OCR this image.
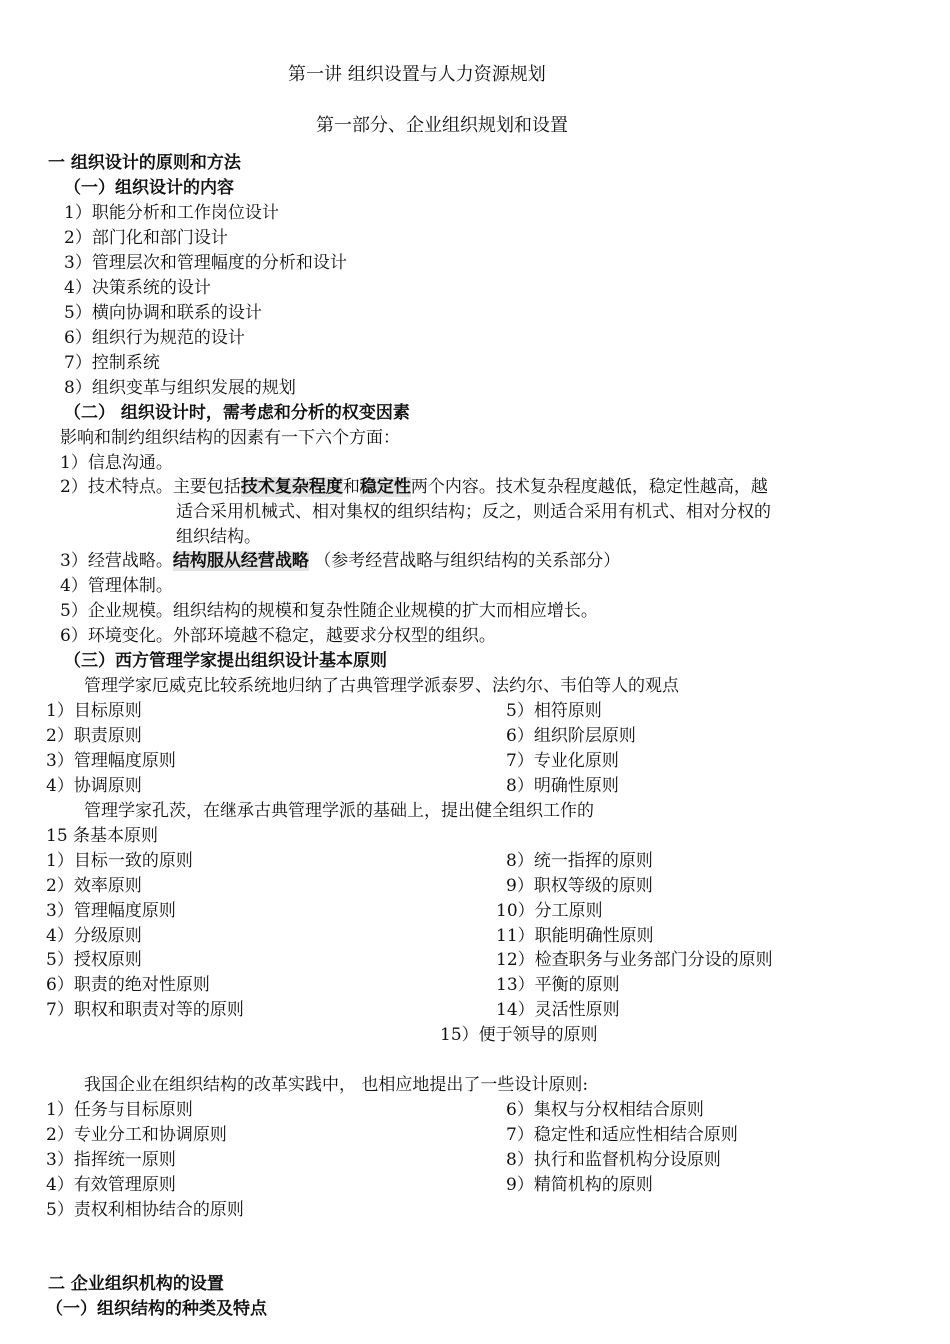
第一讲 组织设置与人力资源规划
第一部分、企业组织规划和设置
一 组织设计的原则和方法
（一）组织设计的内容
1）职能分析和工作岗位设计
2）部门化和部门设计
3）管理层次和管理幅度的分析和设计
4）决策系统的设计
5）横向协调和联系的设计
6）组织行为规范的设计
7）控制系统
8）组织变革与组织发展的规划
（二） 组织设计时，需考虑和分析的权变因素
影响和制约组织结构的因素有一下六个方面：
1）信息沟通。
2）技术特点。主要包括技术复杂程度和稳定性两个内容。技术复杂程度越低，稳定性越高，越
适合采用机械式、相对集权的组织结构；反之，则适合采用有机式、相对分权的
组织结构。
3）经营战略。结构服从经营战略 （参考经营战略与组织结构的关系部分）
4）管理体制。
5）企业规模。组织结构的规模和复杂性随企业规模的扩大而相应增长。
6）环境变化。外部环境越不稳定，越要求分权型的组织。
（三）西方管理学家提出组织设计基本原则
管理学家厄威克比较系统地归纳了古典管理学派泰罗、法约尔、韦伯等人的观点
1）目标原则
2）职责原则
3）管理幅度原则
4）协调原则
5）相符原则
6）组织阶层原则
7）专业化原则
8）明确性原则
管理学家孔茨，在继承古典管理学派的基础上，提出健全组织工作的
15 条基本原则
1）目标一致的原则
2）效率原则
3）管理幅度原则
4）分级原则
5）授权原则
6）职责的绝对性原则
7）职权和职责对等的原则
8）统一指挥的原则
9）职权等级的原则
10）分工原则
11）职能明确性原则
12）检查职务与业务部门分设的原则
13）平衡的原则
14）灵活性原则
15）便于领导的原则
我国企业在组织结构的改革实践中， 也相应地提出了一些设计原则:
1）任务与目标原则
2）专业分工和协调原则
3）指挥统一原则
4）有效管理原则
5）责权利相协结合的原则
6）集权与分权相结合原则
7）稳定性和适应性相结合原则
8）执行和监督机构分设原则
9）精简机构的原则
二 企业组织机构的设置
（一）组织结构的种类及特点
